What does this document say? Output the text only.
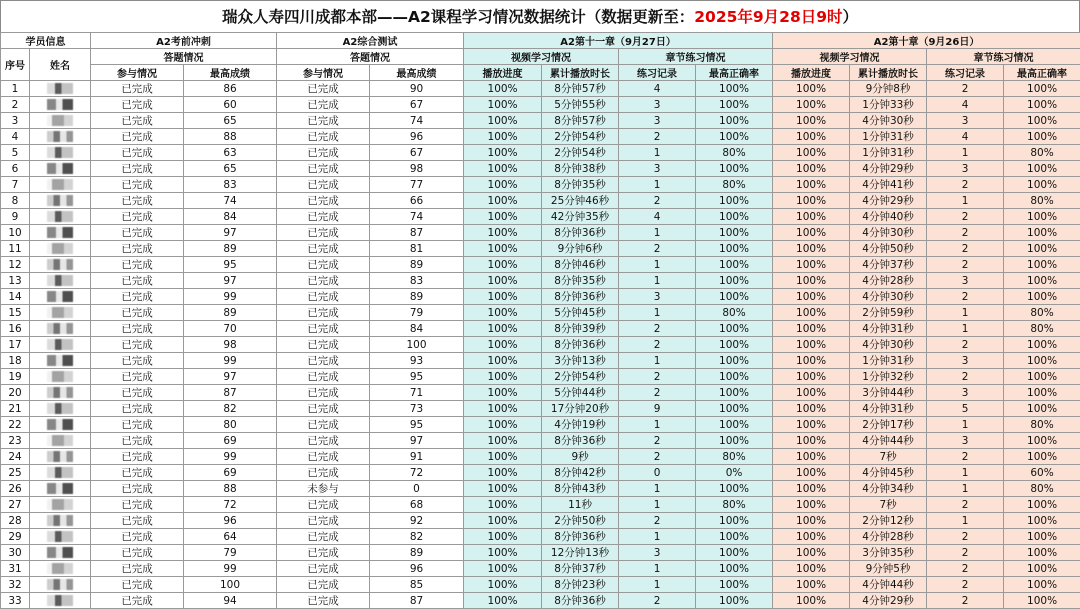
瑞众人寿四川成都本部——A2课程学习情况数据统计（数据更新至：2025年9月28日9时）
学员信息		A2考前冲刺		A2综合测试		A2第十一章（9月27日）				A2第十章（9月26日）			
序号	姓名	答题情况		答题情况		视频学习情况		章节练习情况		视频学习情况		章节练习情况	
		参与情况	最高成绩	参与情况	最高成绩	播放进度	累计播放时长	练习记录	最高正确率	播放进度	累计播放时长	练习记录	最高正确率
1		已完成	86	已完成	90	100%	8分钟57秒	4	100%	100%	9分钟8秒	2	100%
2		已完成	60	已完成	67	100%	5分钟55秒	3	100%	100%	1分钟33秒	4	100%
3		已完成	65	已完成	74	100%	8分钟57秒	3	100%	100%	4分钟30秒	3	100%
4		已完成	88	已完成	96	100%	2分钟54秒	2	100%	100%	1分钟31秒	4	100%
5		已完成	63	已完成	67	100%	2分钟54秒	1	80%	100%	1分钟31秒	1	80%
6		已完成	65	已完成	98	100%	8分钟38秒	3	100%	100%	4分钟29秒	3	100%
7		已完成	83	已完成	77	100%	8分钟35秒	1	80%	100%	4分钟41秒	2	100%
8		已完成	74	已完成	66	100%	25分钟46秒	2	100%	100%	4分钟29秒	1	80%
9		已完成	84	已完成	74	100%	42分钟35秒	4	100%	100%	4分钟40秒	2	100%
10		已完成	97	已完成	87	100%	8分钟36秒	1	100%	100%	4分钟30秒	2	100%
11		已完成	89	已完成	81	100%	9分钟6秒	2	100%	100%	4分钟50秒	2	100%
12		已完成	95	已完成	89	100%	8分钟46秒	1	100%	100%	4分钟37秒	2	100%
13		已完成	97	已完成	83	100%	8分钟35秒	1	100%	100%	4分钟28秒	3	100%
14		已完成	99	已完成	89	100%	8分钟36秒	3	100%	100%	4分钟30秒	2	100%
15		已完成	89	已完成	79	100%	5分钟45秒	1	80%	100%	2分钟59秒	1	80%
16		已完成	70	已完成	84	100%	8分钟39秒	2	100%	100%	4分钟31秒	1	80%
17		已完成	98	已完成	100	100%	8分钟36秒	2	100%	100%	4分钟30秒	2	100%
18		已完成	99	已完成	93	100%	3分钟13秒	1	100%	100%	1分钟31秒	3	100%
19		已完成	97	已完成	95	100%	2分钟54秒	2	100%	100%	1分钟32秒	2	100%
20		已完成	87	已完成	71	100%	5分钟44秒	2	100%	100%	3分钟44秒	3	100%
21		已完成	82	已完成	73	100%	17分钟20秒	9	100%	100%	4分钟31秒	5	100%
22		已完成	80	已完成	95	100%	4分钟19秒	1	100%	100%	2分钟17秒	1	80%
23		已完成	69	已完成	97	100%	8分钟36秒	2	100%	100%	4分钟44秒	3	100%
24		已完成	99	已完成	91	100%	9秒	2	80%	100%	7秒	2	100%
25		已完成	69	已完成	72	100%	8分钟42秒	0	0%	100%	4分钟45秒	1	60%
26		已完成	88	未参与	0	100%	8分钟43秒	1	100%	100%	4分钟34秒	1	80%
27		已完成	72	已完成	68	100%	11秒	1	80%	100%	7秒	2	100%
28		已完成	96	已完成	92	100%	2分钟50秒	2	100%	100%	2分钟12秒	1	100%
29		已完成	64	已完成	82	100%	8分钟36秒	1	100%	100%	4分钟28秒	2	100%
30		已完成	79	已完成	89	100%	12分钟13秒	3	100%	100%	3分钟35秒	2	100%
31		已完成	99	已完成	96	100%	8分钟37秒	1	100%	100%	9分钟5秒	2	100%
32		已完成	100	已完成	85	100%	8分钟23秒	1	100%	100%	4分钟44秒	2	100%
33		已完成	94	已完成	87	100%	8分钟36秒	2	100%	100%	4分钟29秒	2	100%
